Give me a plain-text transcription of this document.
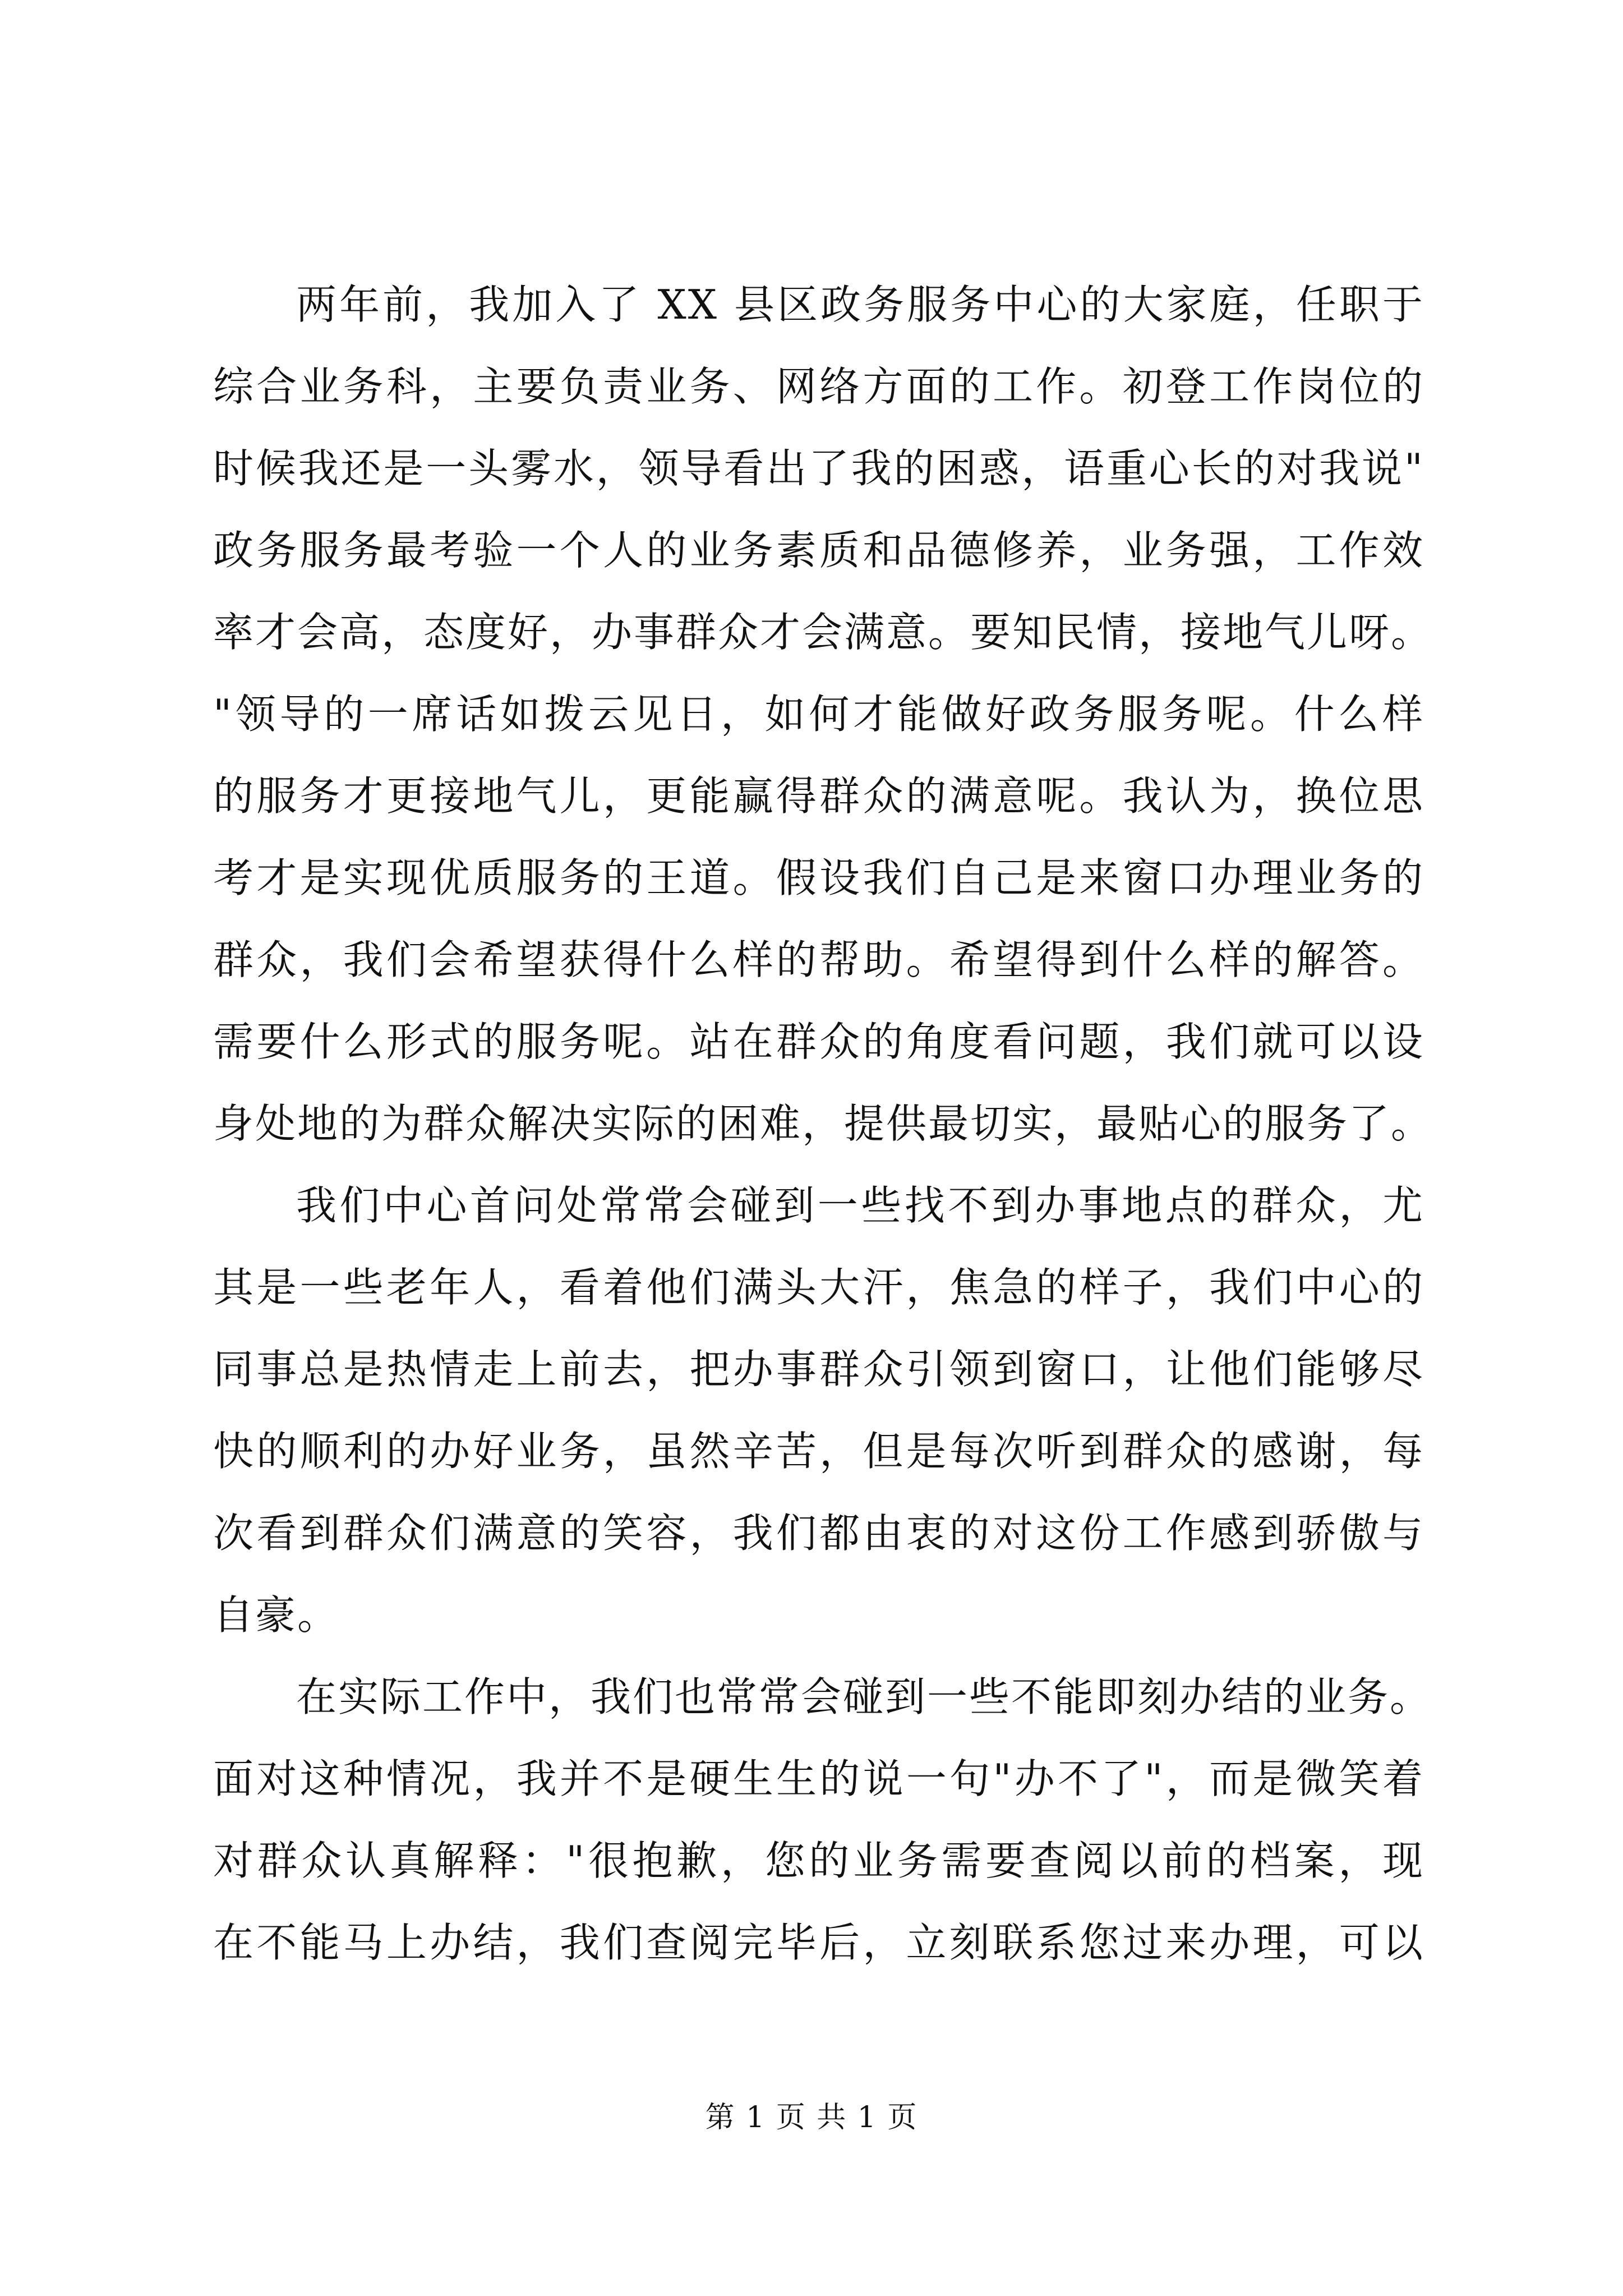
两年前，我加入了 XX 县区政务服务中心的大家庭，任职于
综合业务科，主要负责业务、网络方面的工作。初登工作岗位的
时候我还是一头雾水，领导看出了我的困惑，语重心长的对我说"
政务服务最考验一个人的业务素质和品德修养，业务强，工作效
率才会高，态度好，办事群众才会满意。要知民情，接地气儿呀。
"领导的一席话如拨云见日，如何才能做好政务服务呢。什么样
的服务才更接地气儿，更能赢得群众的满意呢。我认为，换位思
考才是实现优质服务的王道。假设我们自己是来窗口办理业务的
群众，我们会希望获得什么样的帮助。希望得到什么样的解答。
需要什么形式的服务呢。站在群众的角度看问题，我们就可以设
身处地的为群众解决实际的困难，提供最切实，最贴心的服务了。
我们中心首问处常常会碰到一些找不到办事地点的群众，尤
其是一些老年人，看着他们满头大汗，焦急的样子，我们中心的
同事总是热情走上前去，把办事群众引领到窗口，让他们能够尽
快的顺利的办好业务，虽然辛苦，但是每次听到群众的感谢，每
次看到群众们满意的笑容，我们都由衷的对这份工作感到骄傲与
自豪。
在实际工作中，我们也常常会碰到一些不能即刻办结的业务。
面对这种情况，我并不是硬生生的说一句"办不了"，而是微笑着
对群众认真解释："很抱歉，您的业务需要查阅以前的档案，现
在不能马上办结，我们查阅完毕后，立刻联系您过来办理，可以
第 1 页 共 1 页
